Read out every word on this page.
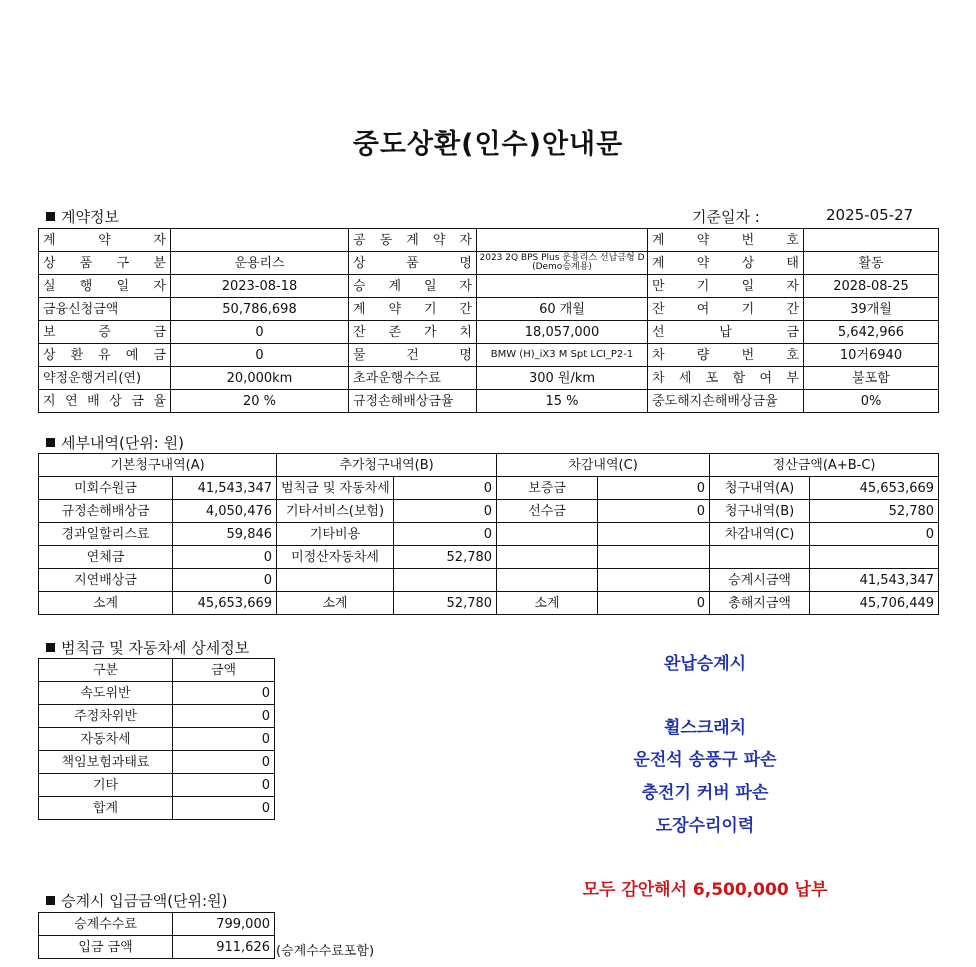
중도상환(인수)안내문
계약정보	기준일자 :	2025-05-27
계 약 자		공 동 계 약 자		계 약 번 호	
상 품 구 분	운용리스	상 품 명	2023 2Q BPS Plus 운용리스 선납금형 D (Demo승계용)	계 약 상 태	활동
실 행 일 자	2023-08-18	승 계 일 자		만 기 일 자	2028-08-25
금융신청금액	50,786,698	계 약 기 간	60 개월	잔 여 기 간	39개월
보 증 금	0	잔 존 가 치	18,057,000	선 납 금	5,642,966
상 환 유 예 금	0	물 건 명	BMW (H)_iX3 M Spt LCI_P2-1	차 량 번 호	10거6940
약정운행거리(연)	20,000km	초과운행수수료	300 원/km	차 세 포 함 여 부	불포함
지 연 배 상 금 율	20 %	규정손해배상금율	15 %	중도해지손해배상금율	0%
세부내역(단위: 원)
기본청구내역(A)		추가청구내역(B)		차감내역(C)		정산금액(A+B-C)	
미회수원금	41,543,347	범칙금 및 자동차세	0	보증금	0	청구내역(A)	45,653,669
규정손해배상금	4,050,476	기타서비스(보험)	0	선수금	0	청구내역(B)	52,780
경과일할리스료	59,846	기타비용	0			차감내역(C)	0
연체금	0	미정산자동차세	52,780				
지연배상금	0					승계시금액	41,543,347
소계	45,653,669	소계	52,780	소계	0	총해지금액	45,706,449
범칙금 및 자동차세 상세정보
구분	금액
속도위반	0
주정차위반	0
자동차세	0
책임보험과태료	0
기타	0
합계	0
승계시 입금금액(단위:원)
승계수수료	799,000
입금 금액	911,626 (승계수수료포함)
완납승계시
휠스크래치
운전석 송풍구 파손
충전기 커버 파손
도장수리이력
모두 감안해서 6,500,000 납부
